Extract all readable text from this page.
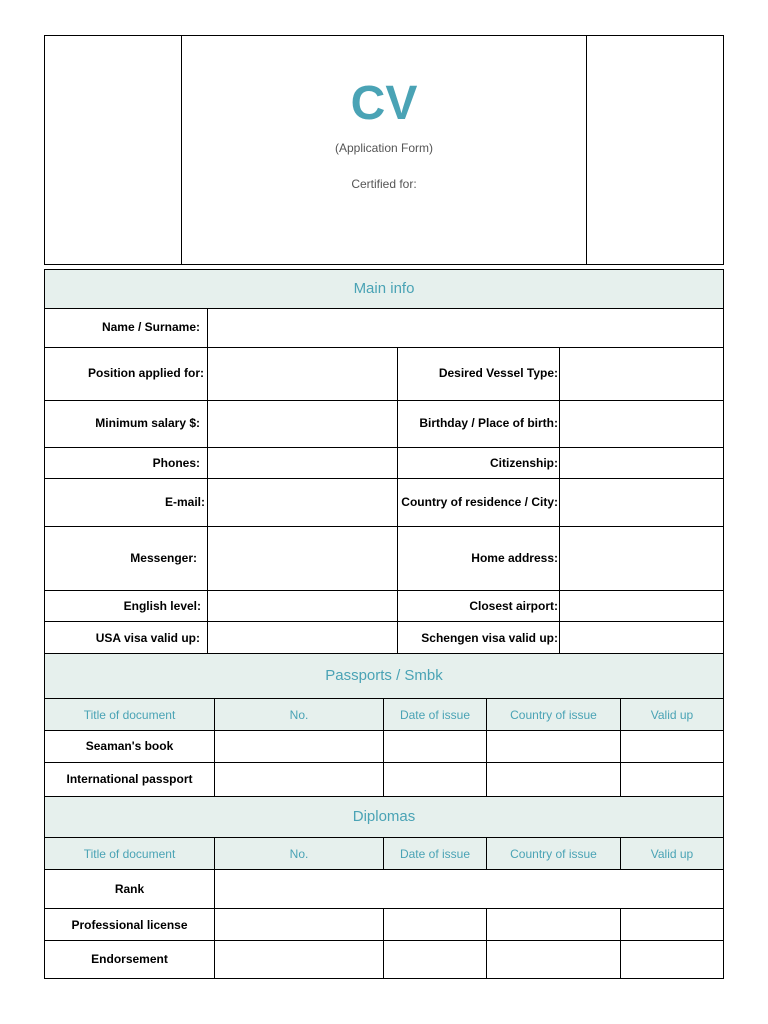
CV
(Application Form)
Certified for:
Main info
Name / Surname:
Position applied for:	Desired Vessel Type:
Minimum salary $:	Birthday / Place of birth:
Phones:	Citizenship:
E-mail:	Country of residence / City:
Messenger:	Home address:
English level:	Closest airport:
USA visa valid up:	Schengen visa valid up:
Passports / Smbk
Title of document	No.	Date of issue	Country of issue	Valid up
Seaman's book
International passport
Diplomas
Title of document	No.	Date of issue	Country of issue	Valid up
Rank
Professional license
Endorsement
